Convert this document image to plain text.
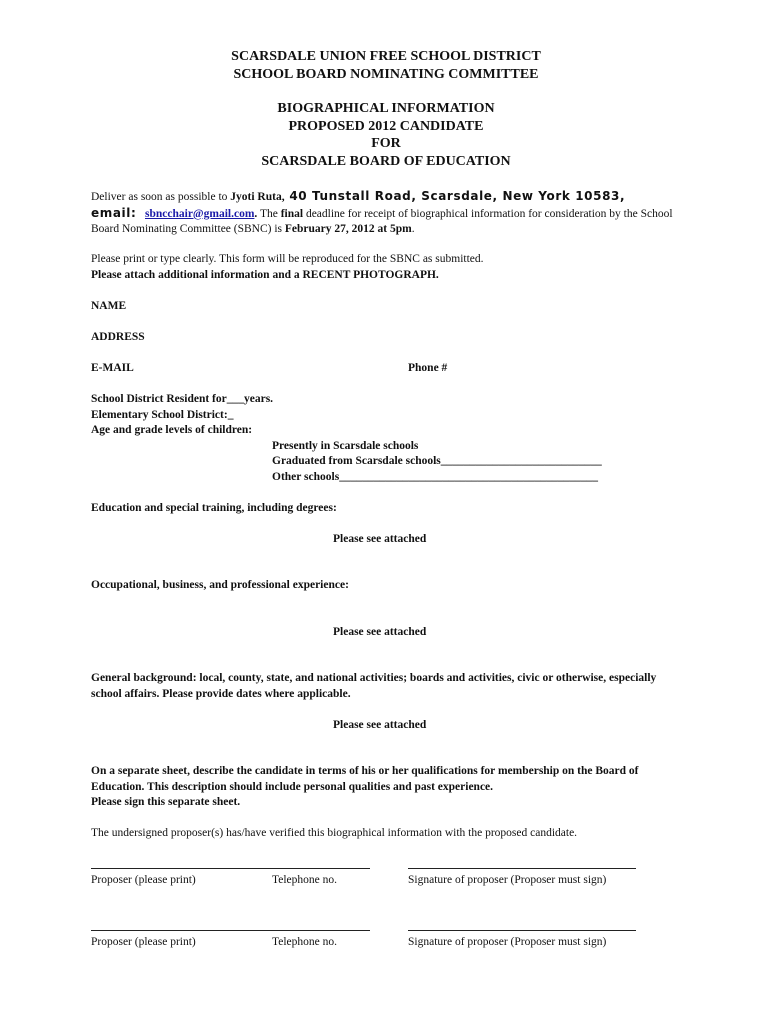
SCARSDALE UNION FREE SCHOOL DISTRICT
SCHOOL BOARD NOMINATING COMMITTEE
BIOGRAPHICAL INFORMATION
PROPOSED 2012 CANDIDATE
FOR
SCARSDALE BOARD OF EDUCATION
Deliver as soon as possible to Jyoti Ruta, 40 Tunstall Road, Scarsdale, New York 10583, email: sbncchair@gmail.com. The final deadline for receipt of biographical information for consideration by the School Board Nominating Committee (SBNC) is February 27, 2012 at 5pm.
Please print or type clearly. This form will be reproduced for the SBNC as submitted.
Please attach additional information and a RECENT PHOTOGRAPH.
NAME
ADDRESS
E-MAIL	Phone #
School District Resident for___years.
Elementary School District:_
Age and grade levels of children:
Presently in Scarsdale schools
Graduated from Scarsdale schools____________________________
Other schools_____________________________________________
Education and special training, including degrees:
Please see attached
Occupational, business, and professional experience:
Please see attached
General background: local, county, state, and national activities; boards and activities, civic or otherwise, especially school affairs. Please provide dates where applicable.
Please see attached
On a separate sheet, describe the candidate in terms of his or her qualifications for membership on the Board of Education. This description should include personal qualities and past experience.
Please sign this separate sheet.
The undersigned proposer(s) has/have verified this biographical information with the proposed candidate.
Proposer (please print)	Telephone no.	Signature of proposer (Proposer must sign)
Proposer (please print)	Telephone no.	Signature of proposer (Proposer must sign)
